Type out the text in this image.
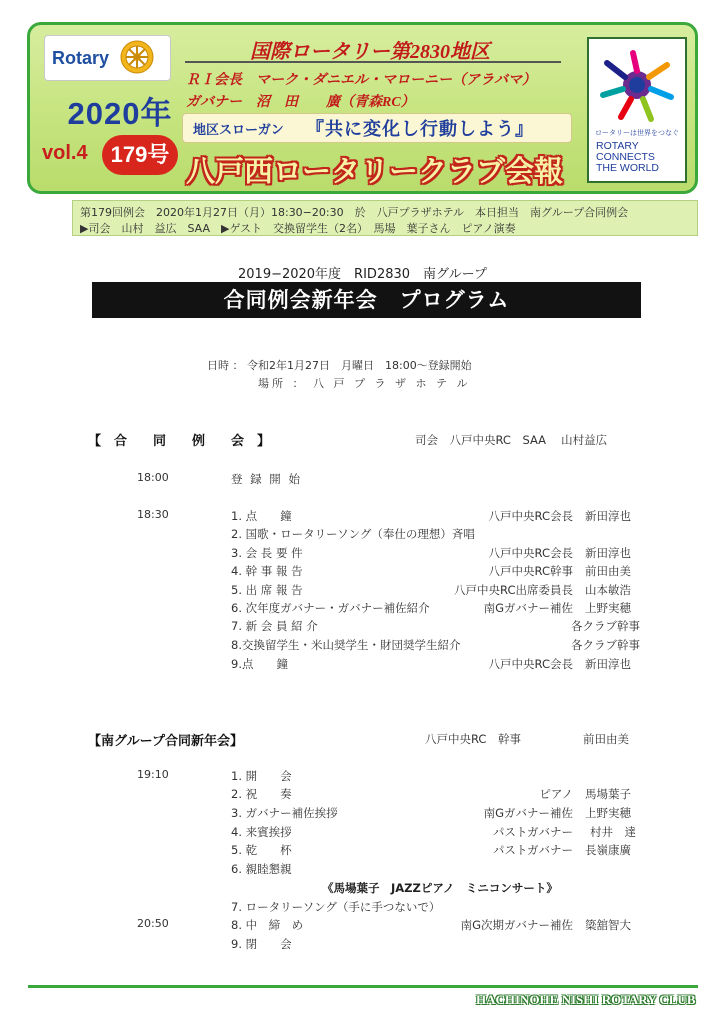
Rotary
2020年
vol.4	179号
国際ロータリー第2830地区
ＲＩ会長　マーク・ダニエル・マローニー（アラバマ）
ガバナー　沼　田　　廣（青森RC）
地区スローガン 『共に変化し行動しよう』
八戸西ロータリークラブ会報
ロータリーは世界をつなぐ
ROTARY
CONNECTS
THE WORLD
第179回例会　2020年1月27日（月）18:30−20:30　於　八戸プラザホテル　本日担当　南グループ合同例会
▶司会　山村　益広　SAA　▶ゲスト　交換留学生（2名）　馬場　葉子さん　ピアノ演奏
2019−2020年度　RID2830　南グループ
合同例会新年会　プログラム
日時 ： 令和2年1月27日　月曜日　18:00～登録開始
場所 ： 八 戸 プ ラ ザ ホ テ ル
【　合　　同　　例　　会　】	司会　八戸中央RC　SAA　 山村益広
18:00	登 録 開 始
18:30	1. 点　　鐘	八戸中央RC会長 新田淳也
2. 国歌・ロータリーソング（奉仕の理想）斉唱
3. 会 長 要 件	八戸中央RC会長 新田淳也
4. 幹 事 報 告	八戸中央RC幹事 前田由美
5. 出 席 報 告	八戸中央RC出席委員長 山本敏浩
6. 次年度ガバナー・ガバナー補佐紹介	南Gガバナー補佐 上野実穂
7. 新 会 員 紹 介	各クラブ幹事
8.交換留学生・米山奨学生・財団奨学生紹介	各クラブ幹事
9.点　　鐘	八戸中央RC会長 新田淳也
【南グループ合同新年会】	八戸中央RC　幹事	前田由美
19:10	1. 開　　会
2. 祝　　奏	ピアノ 馬場葉子
3. ガバナー補佐挨拶	南Gガバナー補佐 上野実穂
4. 来賓挨拶	パストガバナー 村井　達
5. 乾　　杯	パストガバナー 長嶺康廣
6. 親睦懇親
《馬場葉子　JAZZピアノ　ミニコンサート》
7. ロータリーソング（手に手つないで）
20:50	8. 中　締　め	南G次期ガバナー補佐 簗舘智大
9. 閉　　会
HACHINOHE NISHI ROTARY CLUB
